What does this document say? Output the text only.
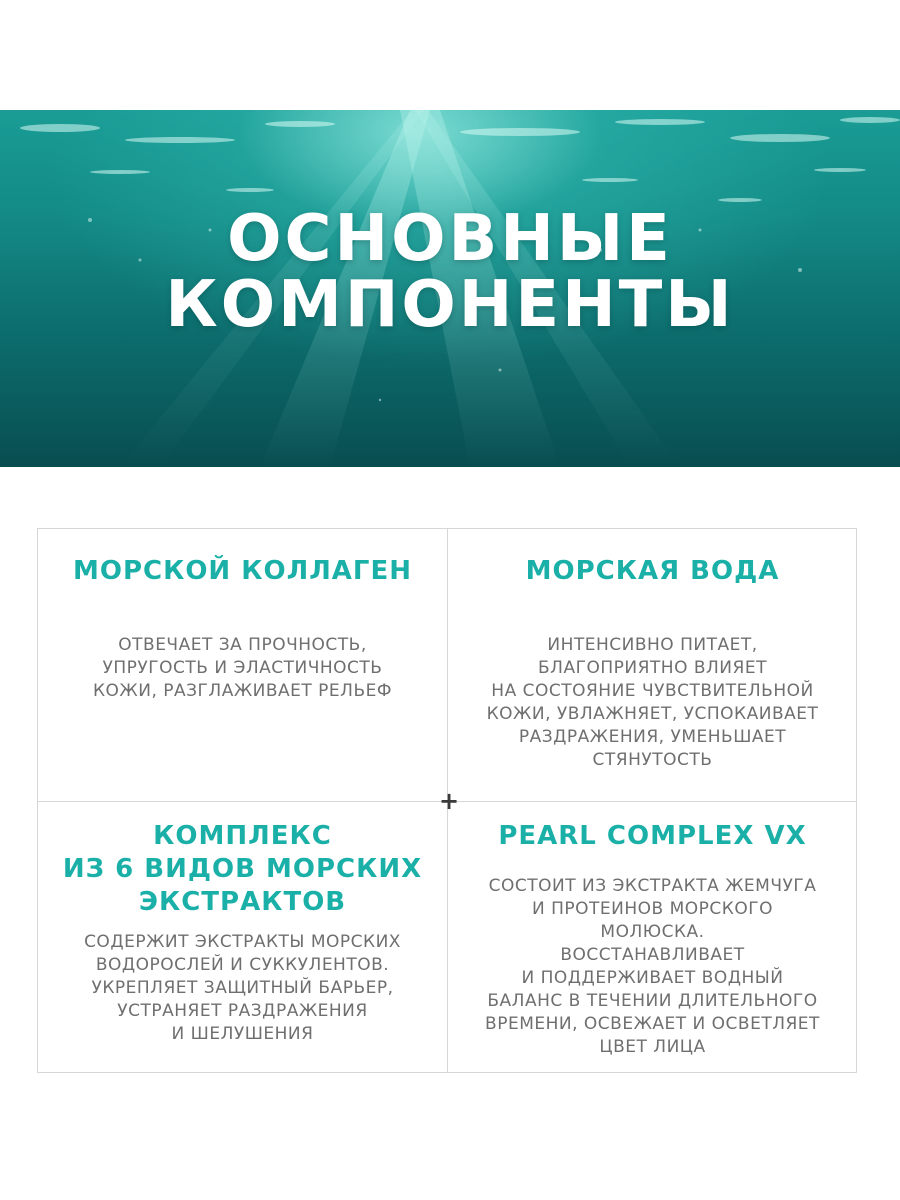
ОСНОВНЫЕ
КОМПОНЕНТЫ
МОРСКОЙ КОЛЛАГЕН
ОТВЕЧАЕТ ЗА ПРОЧНОСТЬ,
УПРУГОСТЬ И ЭЛАСТИЧНОСТЬ
КОЖИ, РАЗГЛАЖИВАЕТ РЕЛЬЕФ
МОРСКАЯ ВОДА
ИНТЕНСИВНО ПИТАЕТ,
БЛАГОПРИЯТНО ВЛИЯЕТ
НА СОСТОЯНИЕ ЧУВСТВИТЕЛЬНОЙ
КОЖИ, УВЛАЖНЯЕТ, УСПОКАИВАЕТ
РАЗДРАЖЕНИЯ, УМЕНЬШАЕТ
СТЯНУТОСТЬ
КОМПЛЕКС
ИЗ 6 ВИДОВ МОРСКИХ
ЭКСТРАКТОВ
СОДЕРЖИТ ЭКСТРАКТЫ МОРСКИХ
ВОДОРОСЛЕЙ И СУККУЛЕНТОВ.
УКРЕПЛЯЕТ ЗАЩИТНЫЙ БАРЬЕР,
УСТРАНЯЕТ РАЗДРАЖЕНИЯ
И ШЕЛУШЕНИЯ
PEARL COMPLEX VX
СОСТОИТ ИЗ ЭКСТРАКТА ЖЕМЧУГА
И ПРОТЕИНОВ МОРСКОГО
МОЛЮСКА.
ВОССТАНАВЛИВАЕТ
И ПОДДЕРЖИВАЕТ ВОДНЫЙ
БАЛАНС В ТЕЧЕНИИ ДЛИТЕЛЬНОГО
ВРЕМЕНИ, ОСВЕЖАЕТ И ОСВЕТЛЯЕТ
ЦВЕТ ЛИЦА
+
